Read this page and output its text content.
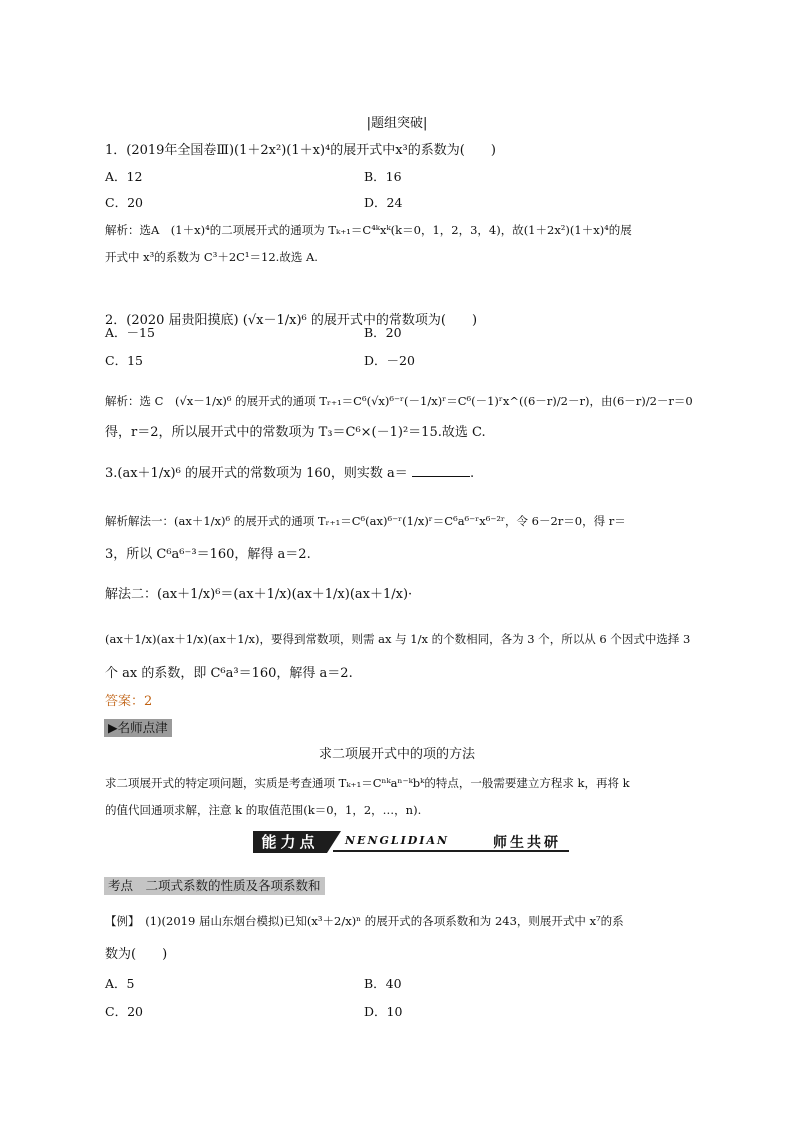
|题组突破|
1．(2019年全国卷Ⅲ)(1＋2x²)(1＋x)⁴的展开式中x³的系数为(　　)
A．12	B．16
C．20	D．24
解析：选A　(1＋x)⁴的二项展开式的通项为 Tₖ₊₁＝C⁴ᵏxᵏ(k＝0，1，2，3，4)，故(1＋2x²)(1＋x)⁴的展
开式中 x³的系数为 C³＋2C¹＝12.故选 A.
2．(2020 届贵阳摸底) (√x－1/x)⁶ 的展开式中的常数项为(　　)
A．－15	B．20
C．15	D．－20
解析：选 C　(√x－1/x)⁶ 的展开式的通项 Tᵣ₊₁＝C⁶(√x)⁶⁻ʳ(－1/x)ʳ＝C⁶(－1)ʳx^((6－r)/2－r)，由(6－r)/2－r＝0
得，r＝2，所以展开式中的常数项为 T₃＝C⁶×(－1)²＝15.故选 C.
3.(ax＋1/x)⁶ 的展开式的常数项为 160，则实数 a＝	.
解析解法一：(ax＋1/x)⁶ 的展开式的通项 Tᵣ₊₁＝C⁶(ax)⁶⁻ʳ(1/x)ʳ＝C⁶a⁶⁻ʳx⁶⁻²ʳ，令 6－2r＝0，得 r＝
3，所以 C⁶a⁶⁻³＝160，解得 a＝2.
解法二：(ax＋1/x)⁶＝(ax＋1/x)(ax＋1/x)(ax＋1/x)·
(ax＋1/x)(ax＋1/x)(ax＋1/x)，要得到常数项，则需 ax 与 1/x 的个数相同，各为 3 个，所以从 6 个因式中选择 3
个 ax 的系数，即 C⁶a³＝160，解得 a＝2.
答案：2
▶名师点津
求二项展开式中的项的方法
求二项展开式的特定项问题，实质是考查通项 Tₖ₊₁＝Cⁿᵏaⁿ⁻ᵏbᵏ的特点，一般需要建立方程求 k，再将 k
的值代回通项求解，注意 k 的取值范围(k＝0，1，2，…，n).
能力点	NENGLIDIAN	师生共研
考点　二项式系数的性质及各项系数和
【例】　(1)(2019 届山东烟台模拟)已知(x³＋2/x)ⁿ 的展开式的各项系数和为 243，则展开式中 x⁷的系
数为(　　)
A．5	B．40
C．20	D．10
